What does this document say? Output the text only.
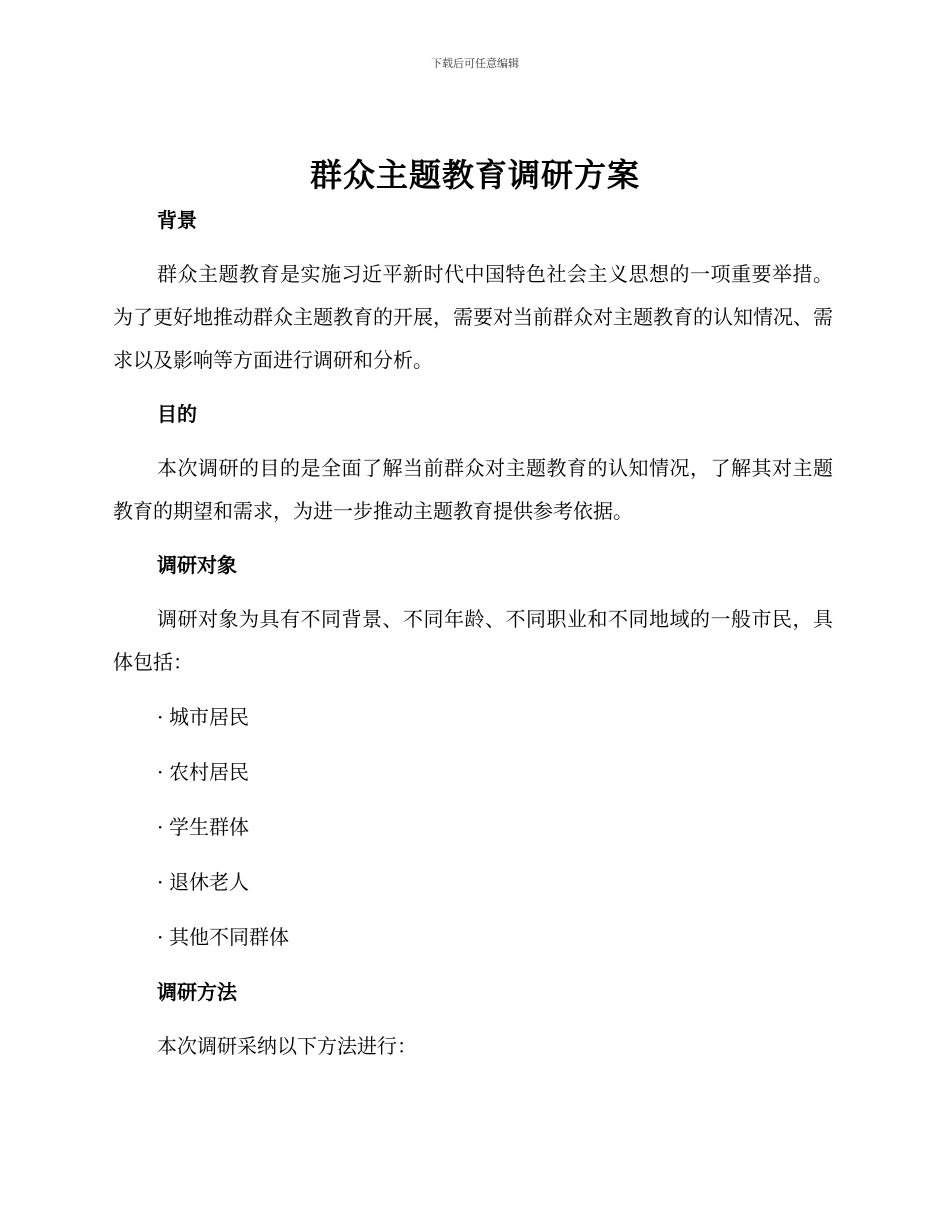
下载后可任意编辑
群众主题教育调研方案
背景

群众主题教育是实施习近平新时代中国特色社会主义思想的一项重要举措。为了更好地推动群众主题教育的开展，需要对当前群众对主题教育的认知情况、需求以及影响等方面进行调研和分析。

目的

本次调研的目的是全面了解当前群众对主题教育的认知情况，了解其对主题教育的期望和需求，为进一步推动主题教育提供参考依据。

调研对象

调研对象为具有不同背景、不同年龄、不同职业和不同地域的一般市民，具体包括：

· 城市居民
· 农村居民
· 学生群体
· 退休老人
· 其他不同群体
调研方法

本次调研采纳以下方法进行：
